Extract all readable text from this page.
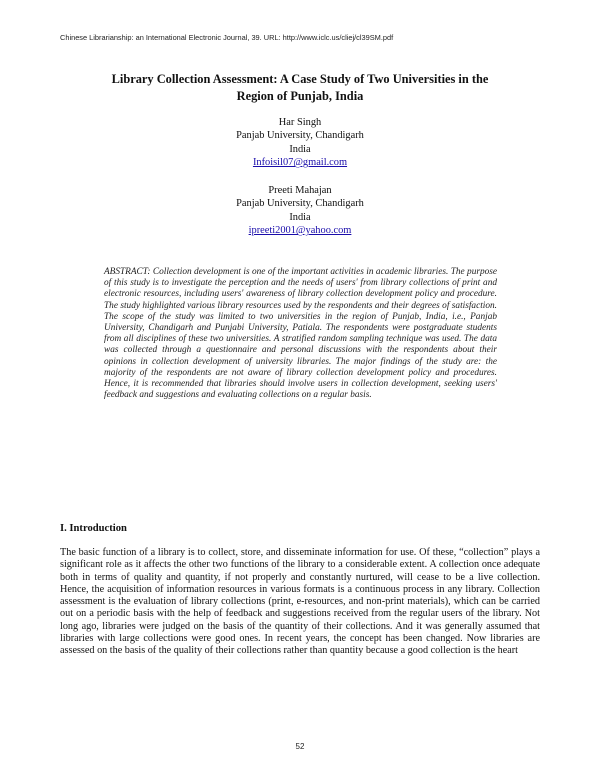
Chinese Librarianship: an International Electronic Journal, 39. URL: http://www.iclc.us/cliej/cl39SM.pdf
Library Collection Assessment: A Case Study of Two Universities in the
Region of Punjab, India
Har Singh
Panjab University, Chandigarh
India
Infoisil07@gmail.com
Preeti Mahajan
Panjab University, Chandigarh
India
ipreeti2001@yahoo.com
ABSTRACT: Collection development is one of the important activities in academic libraries. The purpose of this study is to investigate the perception and the needs of users' from library collections of print and electronic resources, including users' awareness of library collection development policy and procedure. The study highlighted various library resources used by the respondents and their degrees of satisfaction. The scope of the study was limited to two universities in the region of Punjab, India, i.e., Panjab University, Chandigarh and Punjabi University, Patiala. The respondents were postgraduate students from all disciplines of these two universities. A stratified random sampling technique was used. The data was collected through a questionnaire and personal discussions with the respondents about their opinions in collection development of university libraries. The major findings of the study are: the majority of the respondents are not aware of library collection development policy and procedures. Hence, it is recommended that libraries should involve users in collection development, seeking users' feedback and suggestions and evaluating collections on a regular basis.
I. Introduction
The basic function of a library is to collect, store, and disseminate information for use. Of these, “collection” plays a significant role as it affects the other two functions of the library to a considerable extent. A collection once adequate both in terms of quality and quantity, if not properly and constantly nurtured, will cease to be a live collection. Hence, the acquisition of information resources in various formats is a continuous process in any library. Collection assessment is the evaluation of library collections (print, e-resources, and non-print materials), which can be carried out on a periodic basis with the help of feedback and suggestions received from the regular users of the library. Not long ago, libraries were judged on the basis of the quantity of their collections. And it was generally assumed that libraries with large collections were good ones. In recent years, the concept has been changed. Now libraries are assessed on the basis of the quality of their collections rather than quantity because a good collection is the heart
52
